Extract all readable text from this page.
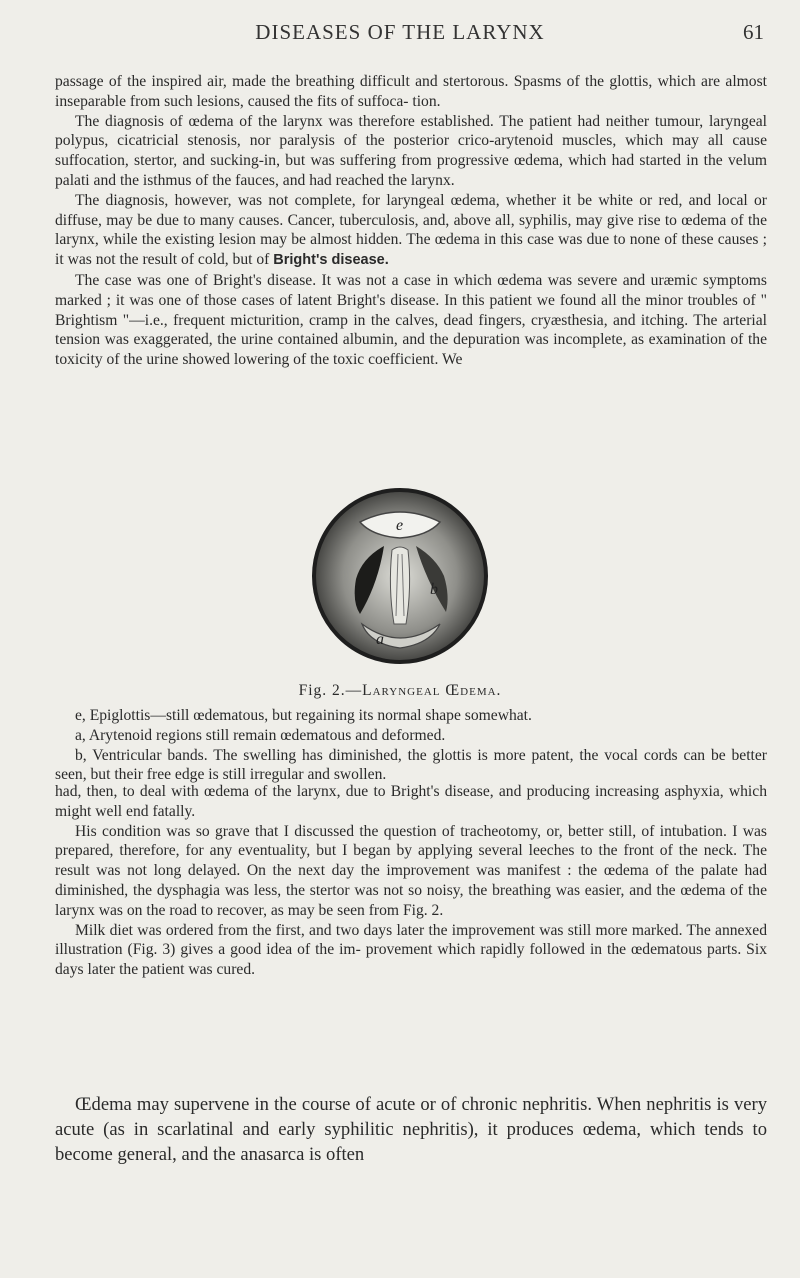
DISEASES OF THE LARYNX	61

passage of the inspired air, made the breathing difficult and stertorous. Spasms of the glottis, which are almost inseparable from such lesions, caused the fits of suffoca- tion.

The diagnosis of œdema of the larynx was therefore established. The patient had neither tumour, laryngeal polypus, cicatricial stenosis, nor paralysis of the posterior crico-arytenoid muscles, which may all cause suffocation, stertor, and sucking-in, but was suffering from progressive œdema, which had started in the velum palati and the isthmus of the fauces, and had reached the larynx.

The diagnosis, however, was not complete, for laryngeal œdema, whether it be white or red, and local or diffuse, may be due to many causes. Cancer, tuberculosis, and, above all, syphilis, may give rise to œdema of the larynx, while the existing lesion may be almost hidden. The œdema in this case was due to none of these causes ; it was not the result of cold, but of Bright's disease.

The case was one of Bright's disease. It was not a case in which œdema was severe and uræmic symptoms marked ; it was one of those cases of latent Bright's disease. In this patient we found all the minor troubles of " Brightism "—i.e., frequent micturition, cramp in the calves, dead fingers, cryæsthesia, and itching. The arterial tension was exaggerated, the urine contained albumin, and the depuration was incomplete, as examination of the toxicity of the urine showed lowering of the toxic coefficient. We

e
b
a
Fig. 2.—Laryngeal Œdema.

e, Epiglottis—still œdematous, but regaining its normal shape somewhat.

a, Arytenoid regions still remain œdematous and deformed.

b, Ventricular bands. The swelling has diminished, the glottis is more patent, the vocal cords can be better seen, but their free edge is still irregular and swollen.

had, then, to deal with œdema of the larynx, due to Bright's disease, and producing increasing asphyxia, which might well end fatally.

His condition was so grave that I discussed the question of tracheotomy, or, better still, of intubation. I was prepared, therefore, for any eventuality, but I began by applying several leeches to the front of the neck. The result was not long delayed. On the next day the improvement was manifest : the œdema of the palate had diminished, the dysphagia was less, the stertor was not so noisy, the breathing was easier, and the œdema of the larynx was on the road to recover, as may be seen from Fig. 2.

Milk diet was ordered from the first, and two days later the improvement was still more marked. The annexed illustration (Fig. 3) gives a good idea of the im- provement which rapidly followed in the œdematous parts. Six days later the patient was cured.

Œdema may supervene in the course of acute or of chronic nephritis. When nephritis is very acute (as in scarlatinal and early syphilitic nephritis), it produces œdema, which tends to become general, and the anasarca is often
